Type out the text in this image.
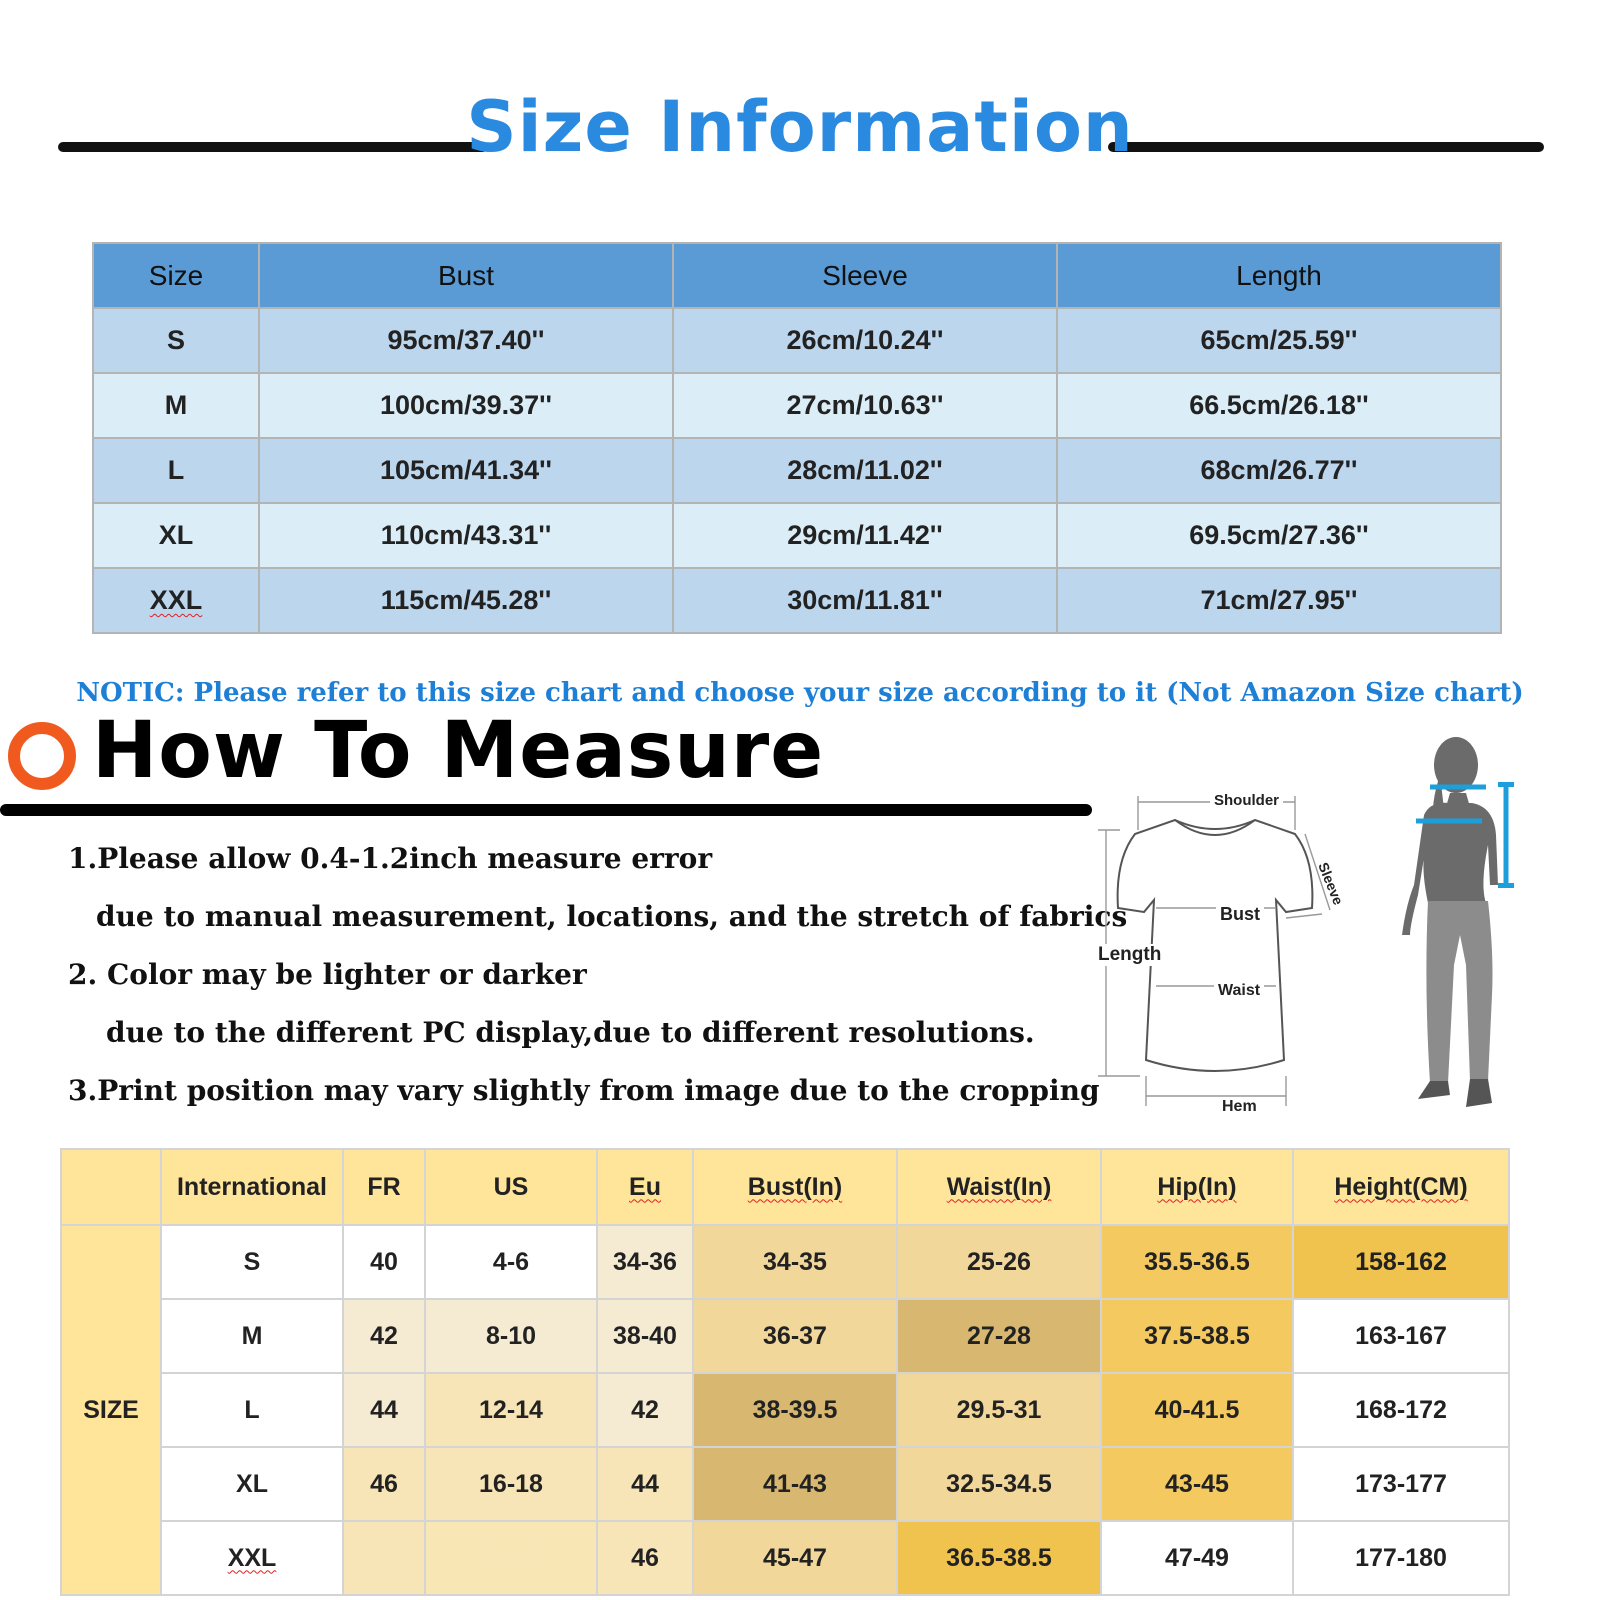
Size Information
Size	Bust	Sleeve	Length
S	95cm/37.40''	26cm/10.24''	65cm/25.59''
M	100cm/39.37''	27cm/10.63''	66.5cm/26.18''
L	105cm/41.34''	28cm/11.02''	68cm/26.77''
XL	110cm/43.31''	29cm/11.42''	69.5cm/27.36''
XXL	115cm/45.28''	30cm/11.81''	71cm/27.95''
NOTIC: Please refer to this size chart and choose your size according to it (Not Amazon Size chart)
How To Measure
1.Please allow 0.4-1.2inch measure error
due to manual measurement, locations, and the stretch of fabrics
2. Color may be lighter or darker
due to the different PC display,due to different resolutions.
3.Print position may vary slightly from image due to the cropping
Shoulder
Sleeve
Bust
Length
Waist
Hem
	International	FR	US	Eu	Bust(In)	Waist(In)	Hip(In)	Height(CM)
SIZE	S	40	4-6	34-36	34-35	25-26	35.5-36.5	158-162
	M	42	8-10	38-40	36-37	27-28	37.5-38.5	163-167
	L	44	12-14	42	38-39.5	29.5-31	40-41.5	168-172
	XL	46	16-18	44	41-43	32.5-34.5	43-45	173-177
	XXL		20-22	46	45-47	36.5-38.5	47-49	177-180
